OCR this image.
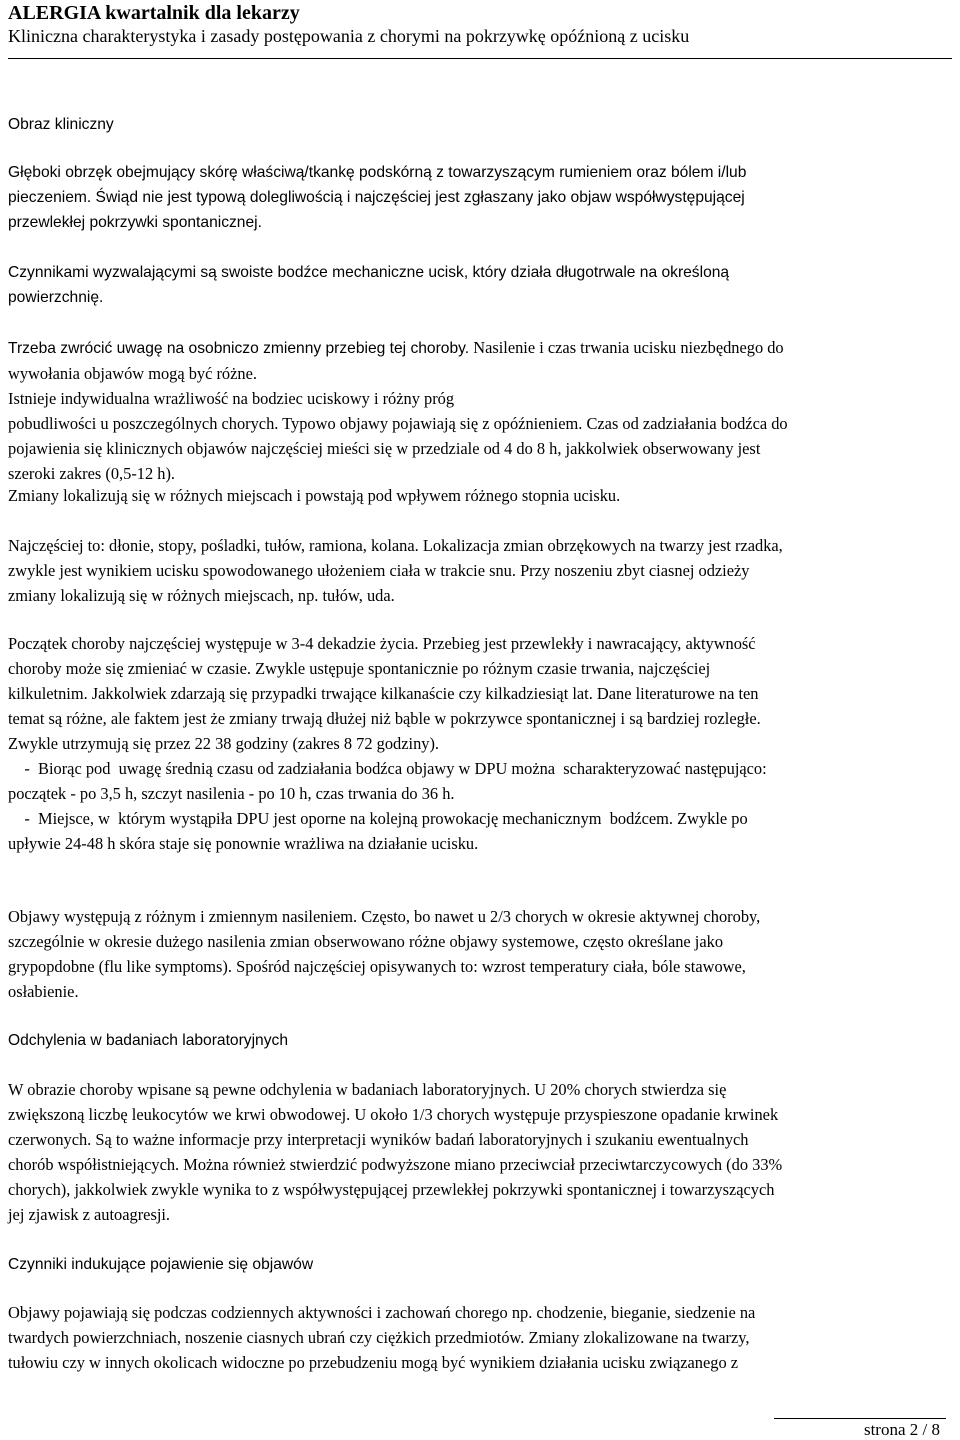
ALERGIA kwartalnik dla lekarzy
Kliniczna charakterystyka i zasady postępowania z chorymi na pokrzywkę opóźnioną z ucisku
Obraz kliniczny
Głęboki obrzęk obejmujący skórę właściwą/tkankę podskórną z towarzyszącym rumieniem oraz bólem i/lub
pieczeniem. Świąd nie jest typową dolegliwością i najczęściej jest zgłaszany jako objaw współwystępującej
przewlekłej pokrzywki spontanicznej.
Czynnikami wyzwalającymi są swoiste bodźce mechaniczne ucisk, który działa długotrwale na określoną
powierzchnię.
Trzeba zwrócić uwagę na osobniczo zmienny przebieg tej choroby. Nasilenie i czas trwania ucisku niezbędnego do
wywołania objawów mogą być różne.
Istnieje indywidualna wrażliwość na bodziec uciskowy i różny próg
pobudliwości u poszczególnych chorych. Typowo objawy pojawiają się z opóźnieniem. Czas od zadziałania bodźca do
pojawienia się klinicznych objawów najczęściej mieści się w przedziale od 4 do 8 h, jakkolwiek obserwowany jest
szeroki zakres (0,5-12 h).
Zmiany lokalizują się w różnych miejscach i powstają pod wpływem różnego stopnia ucisku.
Najczęściej to: dłonie, stopy, pośladki, tułów, ramiona, kolana. Lokalizacja zmian obrzękowych na twarzy jest rzadka,
zwykle jest wynikiem ucisku spowodowanego ułożeniem ciała w trakcie snu. Przy noszeniu zbyt ciasnej odzieży
zmiany lokalizują się w różnych miejscach, np. tułów, uda.
Początek choroby najczęściej występuje w 3-4 dekadzie życia. Przebieg jest przewlekły i nawracający, aktywność
choroby może się zmieniać w czasie. Zwykle ustępuje spontanicznie po różnym czasie trwania, najczęściej
kilkuletnim. Jakkolwiek zdarzają się przypadki trwające kilkanaście czy kilkadziesiąt lat. Dane literaturowe na ten
temat są różne, ale faktem jest że zmiany trwają dłużej niż bąble w pokrzywce spontanicznej i są bardziej rozległe.
Zwykle utrzymują się przez 22 38 godziny (zakres 8 72 godziny).
-  Biorąc pod  uwagę średnią czasu od zadziałania bodźca objawy w DPU można  scharakteryzować następująco:
początek - po 3,5 h, szczyt nasilenia - po 10 h, czas trwania do 36 h.
-  Miejsce, w  którym wystąpiła DPU jest oporne na kolejną prowokację mechanicznym  bodźcem. Zwykle po
upływie 24-48 h skóra staje się ponownie wrażliwa na działanie ucisku.
Objawy występują z różnym i zmiennym nasileniem. Często, bo nawet u 2/3 chorych w okresie aktywnej choroby,
szczególnie w okresie dużego nasilenia zmian obserwowano różne objawy systemowe, często określane jako
grypopdobne (flu like symptoms). Spośród najczęściej opisywanych to: wzrost temperatury ciała, bóle stawowe,
osłabienie.
Odchylenia w badaniach laboratoryjnych
W obrazie choroby wpisane są pewne odchylenia w badaniach laboratoryjnych. U 20% chorych stwierdza się
zwiększoną liczbę leukocytów we krwi obwodowej. U około 1/3 chorych występuje przyspieszone opadanie krwinek
czerwonych. Są to ważne informacje przy interpretacji wyników badań laboratoryjnych i szukaniu ewentualnych
chorób współistniejących. Można również stwierdzić podwyższone miano przeciwciał przeciwtarczycowych (do 33%
chorych), jakkolwiek zwykle wynika to z współwystępującej przewlekłej pokrzywki spontanicznej i towarzyszących
jej zjawisk z autoagresji.
Czynniki indukujące pojawienie się objawów
Objawy pojawiają się podczas codziennych aktywności i zachowań chorego np. chodzenie, bieganie, siedzenie na
twardych powierzchniach, noszenie ciasnych ubrań czy ciężkich przedmiotów. Zmiany zlokalizowane na twarzy,
tułowiu czy w innych okolicach widoczne po przebudzeniu mogą być wynikiem działania ucisku związanego z
strona 2 / 8
